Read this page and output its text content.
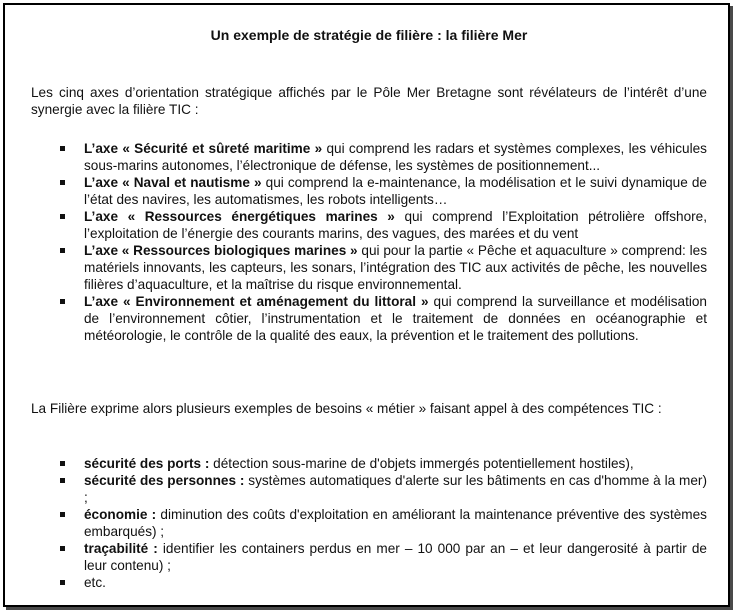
Un exemple de stratégie de filière : la filière Mer
Les cinq axes d’orientation stratégique affichés par le Pôle Mer Bretagne sont révélateurs de l’intérêt d’une synergie avec la filière TIC :
L’axe « Sécurité et sûreté maritime » qui comprend les radars et systèmes complexes, les véhicules sous-marins autonomes, l’électronique de défense, les systèmes de positionnement...
L’axe « Naval et nautisme » qui comprend la e-maintenance, la modélisation et le suivi dynamique de l’état des navires, les automatismes, les robots intelligents…
L’axe « Ressources énergétiques marines » qui comprend l’Exploitation pétrolière offshore, l’exploitation de l’énergie des courants marins, des vagues, des marées et du vent
L’axe « Ressources biologiques marines » qui pour la partie « Pêche et aquaculture » comprend: les matériels innovants, les capteurs, les sonars, l’intégration des TIC aux activités de pêche, les nouvelles filières d’aquaculture, et la maîtrise du risque environnemental.
L’axe « Environnement et aménagement du littoral » qui comprend la surveillance et modélisation de l’environnement côtier, l’instrumentation et le traitement de données en océanographie et météorologie, le contrôle de la qualité des eaux, la prévention et le traitement des pollutions.
La Filière exprime alors plusieurs exemples de besoins « métier » faisant appel à des compétences TIC :
sécurité des ports : détection sous-marine de d'objets immergés potentiellement hostiles),
sécurité des personnes : systèmes automatiques d'alerte sur les bâtiments en cas d'homme à la mer) ;
économie : diminution des coûts d'exploitation en améliorant la maintenance préventive des systèmes embarqués) ;
traçabilité : identifier les containers perdus en mer – 10 000 par an – et leur dangerosité à partir de leur contenu) ;
etc.
